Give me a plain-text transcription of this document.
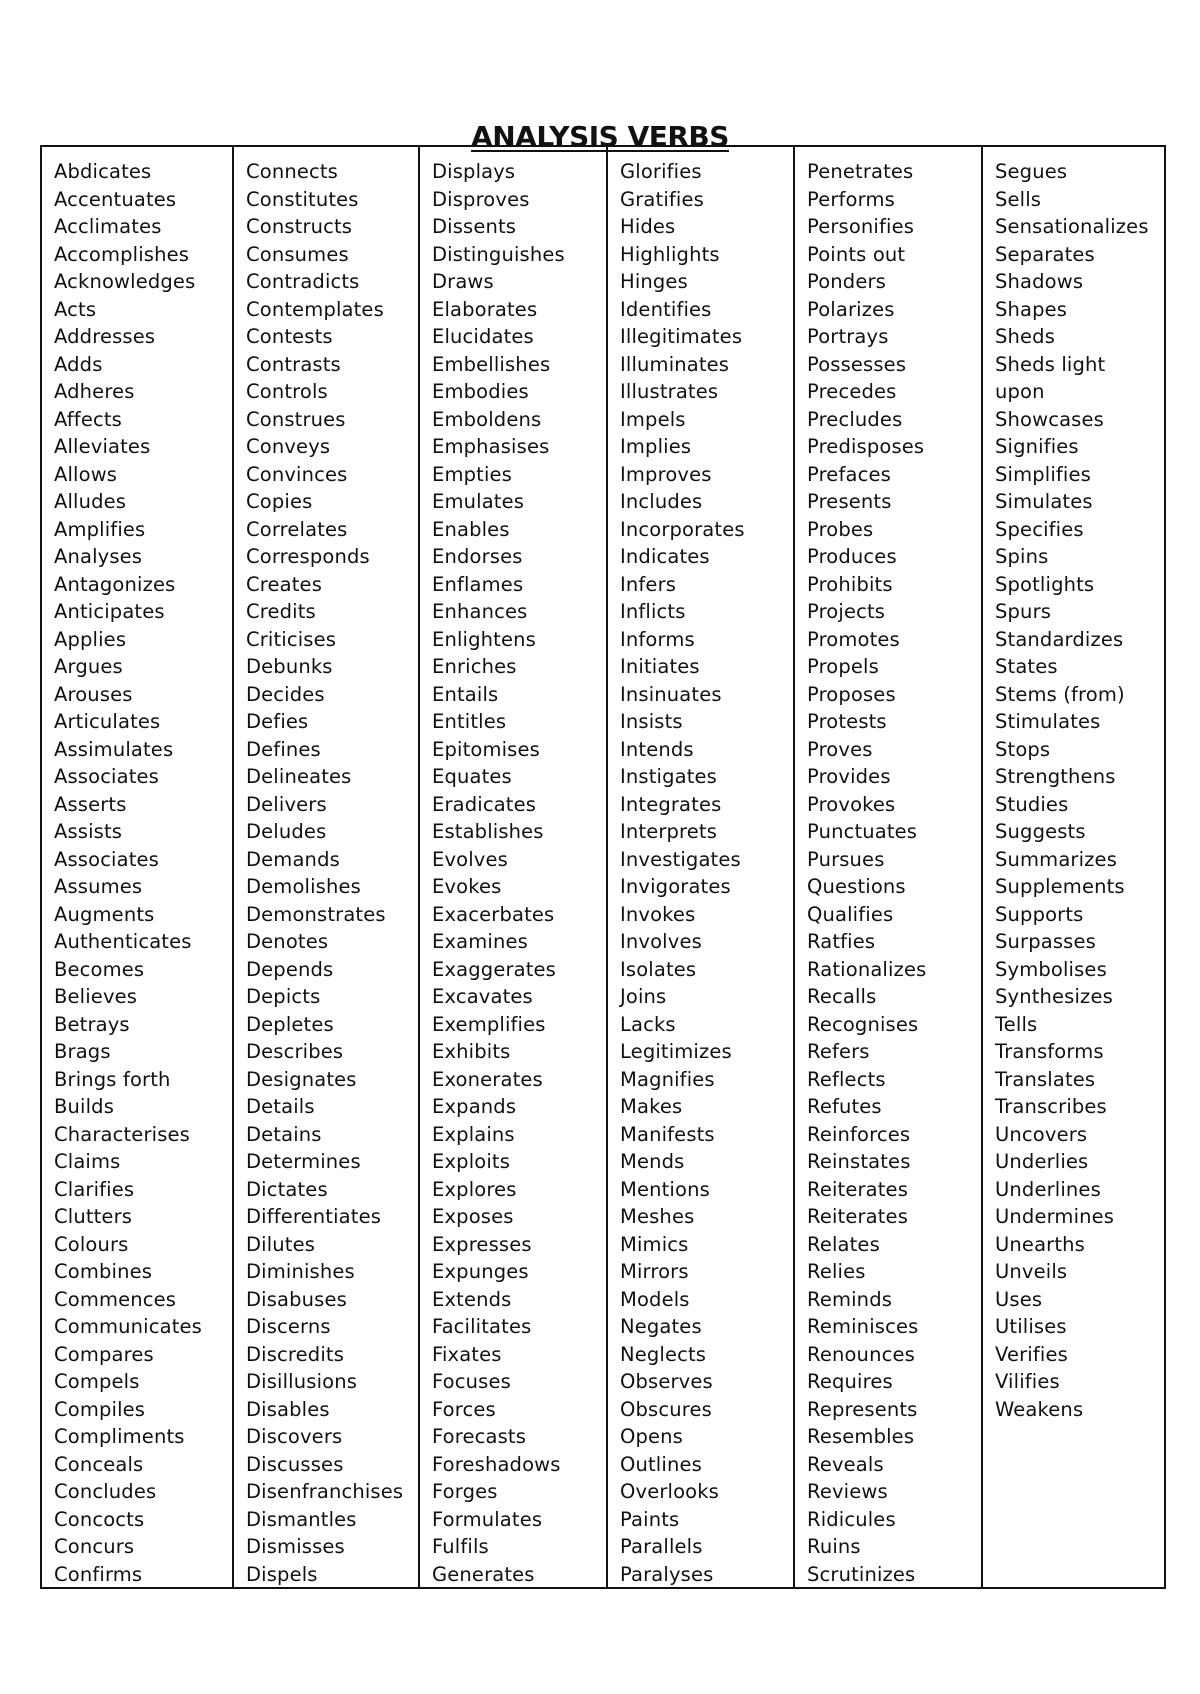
ANALYSIS VERBS
Abdicates
Accentuates
Acclimates
Accomplishes
Acknowledges
Acts
Addresses
Adds
Adheres
Affects
Alleviates
Allows
Alludes
Amplifies
Analyses
Antagonizes
Anticipates
Applies
Argues
Arouses
Articulates
Assimulates
Associates
Asserts
Assists
Associates
Assumes
Augments
Authenticates
Becomes
Believes
Betrays
Brags
Brings forth
Builds
Characterises
Claims
Clarifies
Clutters
Colours
Combines
Commences
Communicates
Compares
Compels
Compiles
Compliments
Conceals
Concludes
Concocts
Concurs
Confirms
Connects
Constitutes
Constructs
Consumes
Contradicts
Contemplates
Contests
Contrasts
Controls
Construes
Conveys
Convinces
Copies
Correlates
Corresponds
Creates
Credits
Criticises
Debunks
Decides
Defies
Defines
Delineates
Delivers
Deludes
Demands
Demolishes
Demonstrates
Denotes
Depends
Depicts
Depletes
Describes
Designates
Details
Detains
Determines
Dictates
Differentiates
Dilutes
Diminishes
Disabuses
Discerns
Discredits
Disillusions
Disables
Discovers
Discusses
Disenfranchises
Dismantles
Dismisses
Dispels
Displays
Disproves
Dissents
Distinguishes
Draws
Elaborates
Elucidates
Embellishes
Embodies
Emboldens
Emphasises
Empties
Emulates
Enables
Endorses
Enflames
Enhances
Enlightens
Enriches
Entails
Entitles
Epitomises
Equates
Eradicates
Establishes
Evolves
Evokes
Exacerbates
Examines
Exaggerates
Excavates
Exemplifies
Exhibits
Exonerates
Expands
Explains
Exploits
Explores
Exposes
Expresses
Expunges
Extends
Facilitates
Fixates
Focuses
Forces
Forecasts
Foreshadows
Forges
Formulates
Fulfils
Generates
Glorifies
Gratifies
Hides
Highlights
Hinges
Identifies
Illegitimates
Illuminates
Illustrates
Impels
Implies
Improves
Includes
Incorporates
Indicates
Infers
Inflicts
Informs
Initiates
Insinuates
Insists
Intends
Instigates
Integrates
Interprets
Investigates
Invigorates
Invokes
Involves
Isolates
Joins
Lacks
Legitimizes
Magnifies
Makes
Manifests
Mends
Mentions
Meshes
Mimics
Mirrors
Models
Negates
Neglects
Observes
Obscures
Opens
Outlines
Overlooks
Paints
Parallels
Paralyses
Penetrates
Performs
Personifies
Points out
Ponders
Polarizes
Portrays
Possesses
Precedes
Precludes
Predisposes
Prefaces
Presents
Probes
Produces
Prohibits
Projects
Promotes
Propels
Proposes
Protests
Proves
Provides
Provokes
Punctuates
Pursues
Questions
Qualifies
Ratfies
Rationalizes
Recalls
Recognises
Refers
Reflects
Refutes
Reinforces
Reinstates
Reiterates
Reiterates
Relates
Relies
Reminds
Reminisces
Renounces
Requires
Represents
Resembles
Reveals
Reviews
Ridicules
Ruins
Scrutinizes
Segues
Sells
Sensationalizes
Separates
Shadows
Shapes
Sheds
Sheds light
upon
Showcases
Signifies
Simplifies
Simulates
Specifies
Spins
Spotlights
Spurs
Standardizes
States
Stems (from)
Stimulates
Stops
Strengthens
Studies
Suggests
Summarizes
Supplements
Supports
Surpasses
Symbolises
Synthesizes
Tells
Transforms
Translates
Transcribes
Uncovers
Underlies
Underlines
Undermines
Unearths
Unveils
Uses
Utilises
Verifies
Vilifies
Weakens
